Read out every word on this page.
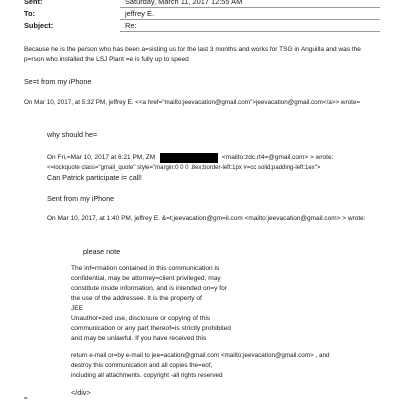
Sent:	Saturday, March 11, 2017 12:55 AM
To:	jeffrey E.
Subject:	Re:
Because he is the person who has been a=sisting us for the last 3 months and works for TSG in Anguilla and was the
p=rson who installed the LSJ Plant =e is fully up to speed
Se=t from my iPhone
On Mar 10, 2017, at 5:32 PM, jeffrey E. <<a href="mailto:jeevacation@gmail.com">jeevacation@gmail.com</a>> wrote=
why should he=
On Fri,=Mar 10, 2017 at 6:21 PM, ZM	<mailto:zdc.rt4=@gmail.com> > wrote:
<=lockquote class="gmail_quote" style="margin:0 0 0 .8ex;border-left:1px #=cc solid;padding-left:1ex">
Can Patrick participate i= call!
Sent from my iPhone
On Mar 10, 2017, at 1:40 PM, jeffrey E. &=t;jeevacation@gm=il.com <mailto:jeevacation@gmail.com> > wrote:
please note
The inf=rmation contained in this communication is
confidential, may be attorney=client privileged, may
constitute inside information, and is intended on=y for
the use of the addressee. It is the property of
JEE
Unauthor=zed use, disclosure or copying of this
communication or any part thereof=is strictly prohibited
and may be unlawful. If you have received this
return e-mail or=by e-mail to jee=acation@gmail.com <mailto:jeevacation@gmail.com> , and
destroy this communication and all copies the=eof,
including all attachments. copyright -all rights reserved
</div>
=
